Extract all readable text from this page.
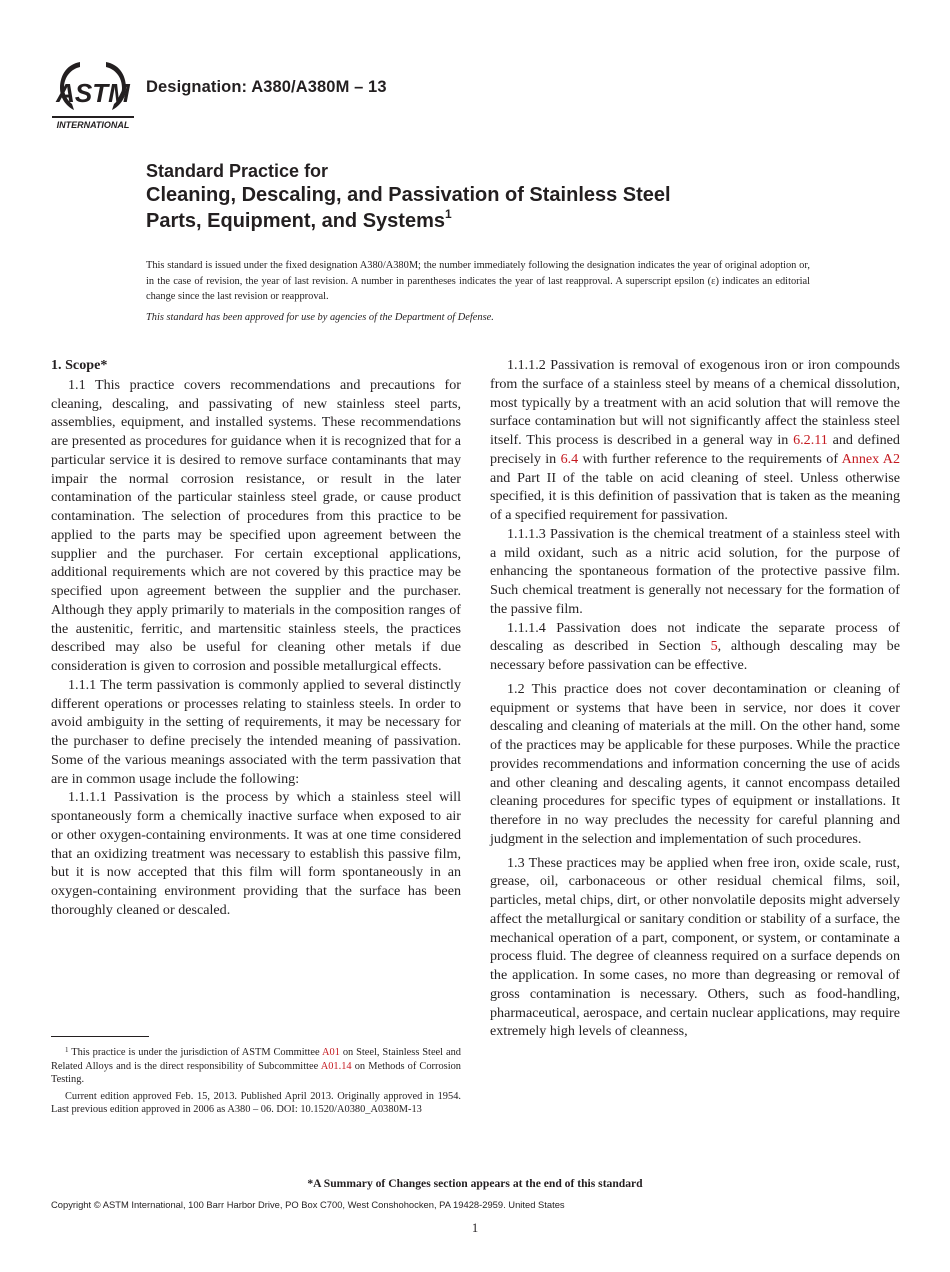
ASTM
INTERNATIONAL
Designation: A380/A380M – 13
Standard Practice for
Cleaning, Descaling, and Passivation of Stainless Steel
Parts, Equipment, and Systems$^1$
This standard is issued under the fixed designation A380/A380M; the number immediately following the designation indicates the year of original adoption or, in the case of revision, the year of last revision. A number in parentheses indicates the year of last reapproval. A superscript epsilon (ε) indicates an editorial change since the last revision or reapproval.
This standard has been approved for use by agencies of the Department of Defense.

1. Scope*

1.1 This practice covers recommendations and precautions for cleaning, descaling, and passivating of new stainless steel parts, assemblies, equipment, and installed systems. These recommendations are presented as procedures for guidance when it is recognized that for a particular service it is desired to remove surface contaminants that may impair the normal corrosion resistance, or result in the later contamination of the particular stainless steel grade, or cause product contamination. The selection of procedures from this practice to be applied to the parts may be specified upon agreement between the supplier and the purchaser. For certain exceptional applications, additional requirements which are not covered by this practice may be specified upon agreement between the supplier and the purchaser. Although they apply primarily to materials in the composition ranges of the austenitic, ferritic, and martensitic stainless steels, the practices described may also be useful for cleaning other metals if due consideration is given to corrosion and possible metallurgical effects.

1.1.1 The term passivation is commonly applied to several distinctly different operations or processes relating to stainless steels. In order to avoid ambiguity in the setting of requirements, it may be necessary for the purchaser to define precisely the intended meaning of passivation. Some of the various meanings associated with the term passivation that are in common usage include the following:

1.1.1.1 Passivation is the process by which a stainless steel will spontaneously form a chemically inactive surface when exposed to air or other oxygen-containing environments. It was at one time considered that an oxidizing treatment was necessary to establish this passive film, but it is now accepted that this film will form spontaneously in an oxygen-containing environment providing that the surface has been thoroughly cleaned or descaled.

1.1.1.2 Passivation is removal of exogenous iron or iron compounds from the surface of a stainless steel by means of a chemical dissolution, most typically by a treatment with an acid solution that will remove the surface contamination but will not significantly affect the stainless steel itself. This process is described in a general way in 6.2.11 and defined precisely in 6.4 with further reference to the requirements of Annex A2 and Part II of the table on acid cleaning of steel. Unless otherwise specified, it is this definition of passivation that is taken as the meaning of a specified requirement for passivation.

1.1.1.3 Passivation is the chemical treatment of a stainless steel with a mild oxidant, such as a nitric acid solution, for the purpose of enhancing the spontaneous formation of the protective passive film. Such chemical treatment is generally not necessary for the formation of the passive film.

1.1.1.4 Passivation does not indicate the separate process of descaling as described in Section 5, although descaling may be necessary before passivation can be effective.

1.2 This practice does not cover decontamination or cleaning of equipment or systems that have been in service, nor does it cover descaling and cleaning of materials at the mill. On the other hand, some of the practices may be applicable for these purposes. While the practice provides recommendations and information concerning the use of acids and other cleaning and descaling agents, it cannot encompass detailed cleaning procedures for specific types of equipment or installations. It therefore in no way precludes the necessity for careful planning and judgment in the selection and implementation of such procedures.

1.3 These practices may be applied when free iron, oxide scale, rust, grease, oil, carbonaceous or other residual chemical films, soil, particles, metal chips, dirt, or other nonvolatile deposits might adversely affect the metallurgical or sanitary condition or stability of a surface, the mechanical operation of a part, component, or system, or contaminate a process fluid. The degree of cleanness required on a surface depends on the application. In some cases, no more than degreasing or removal of gross contamination is necessary. Others, such as food-handling, pharmaceutical, aerospace, and certain nuclear applications, may require extremely high levels of cleanness,

$^1$ This practice is under the jurisdiction of ASTM Committee A01 on Steel, Stainless Steel and Related Alloys and is the direct responsibility of Subcommittee A01.14 on Methods of Corrosion Testing.

Current edition approved Feb. 15, 2013. Published April 2013. Originally approved in 1954. Last previous edition approved in 2006 as A380 – 06. DOI: 10.1520/A0380_A0380M-13

*A Summary of Changes section appears at the end of this standard
Copyright © ASTM International, 100 Barr Harbor Drive, PO Box C700, West Conshohocken, PA 19428-2959. United States
1
